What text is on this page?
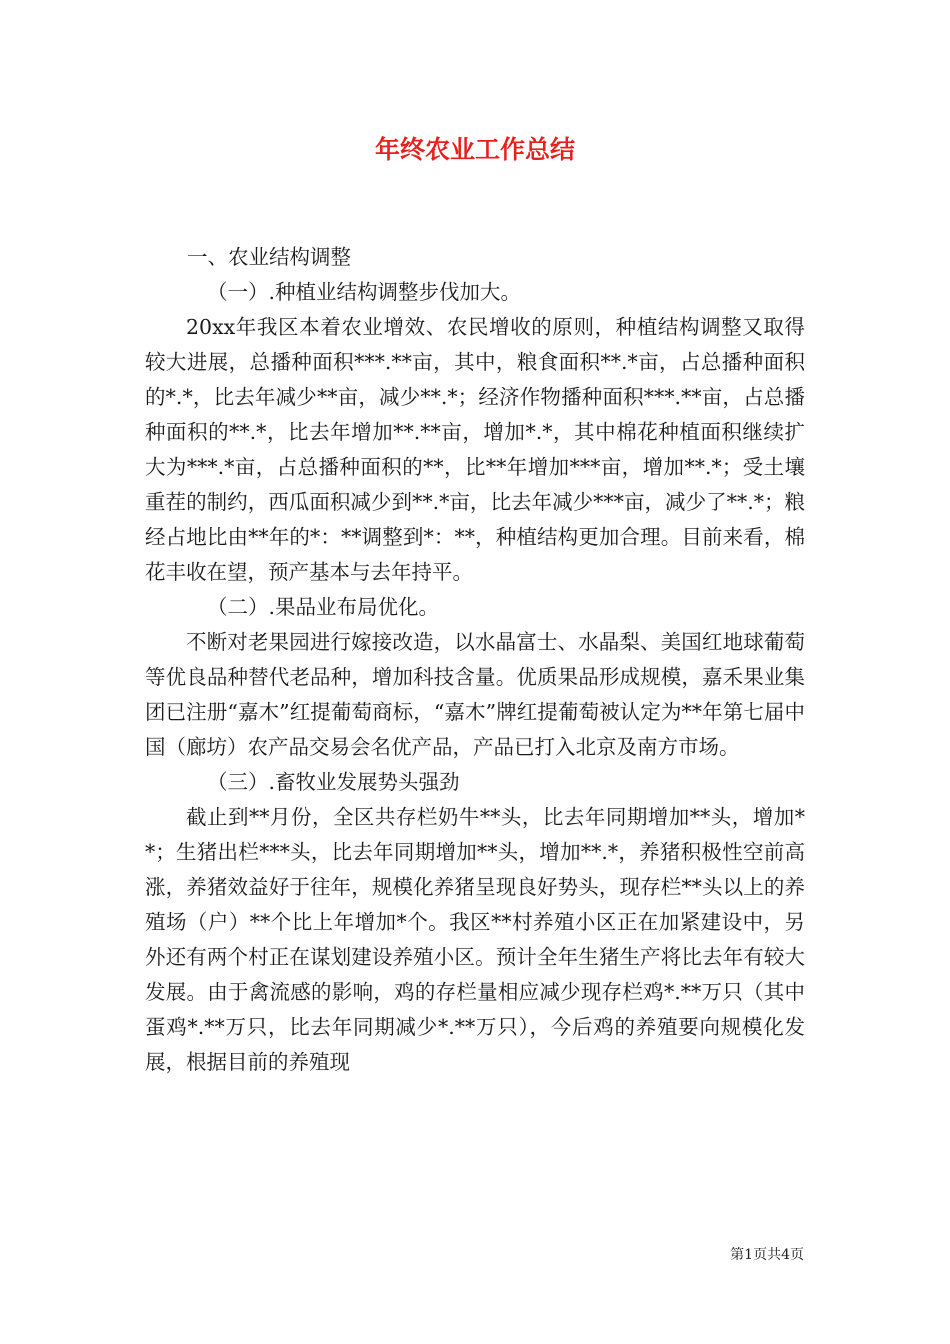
年终农业工作总结
一、农业结构调整
（一）.种植业结构调整步伐加大。

20xx年我区本着农业增效、农民增收的原则，种植结构调整又取得较大进展，总播种面积***.**亩，其中，粮食面积**.*亩，占总播种面积的*.*，比去年减少**亩，减少**.*；经济作物播种面积***.**亩，占总播种面积的**.*，比去年增加**.**亩，增加*.*，其中棉花种植面积继续扩大为***.*亩，占总播种面积的**，比**年增加***亩，增加**.*；受土壤重茬的制约，西瓜面积减少到**.*亩，比去年减少***亩，减少了**.*；粮经占地比由**年的*：**调整到*：**，种植结构更加合理。目前来看，棉花丰收在望，预产基本与去年持平。

（二）.果品业布局优化。

不断对老果园进行嫁接改造，以水晶富士、水晶梨、美国红地球葡萄等优良品种替代老品种，增加科技含量。优质果品形成规模，嘉禾果业集团已注册“嘉木”红提葡萄商标，“嘉木”牌红提葡萄被认定为**年第七届中国（廊坊）农产品交易会名优产品，产品已打入北京及南方市场。

（三）.畜牧业发展势头强劲

截止到**月份，全区共存栏奶牛**头，比去年同期增加**头，增加**；生猪出栏***头，比去年同期增加**头，增加**.*，养猪积极性空前高涨，养猪效益好于往年，规模化养猪呈现良好势头，现存栏**头以上的养殖场（户）**个比上年增加*个。我区**村养殖小区正在加紧建设中，另外还有两个村正在谋划建设养殖小区。预计全年生猪生产将比去年有较大发展。由于禽流感的影响，鸡的存栏量相应减少现存栏鸡*.**万只（其中蛋鸡*.**万只，比去年同期减少*.**万只），今后鸡的养殖要向规模化发展，根据目前的养殖现

第1页共4页
